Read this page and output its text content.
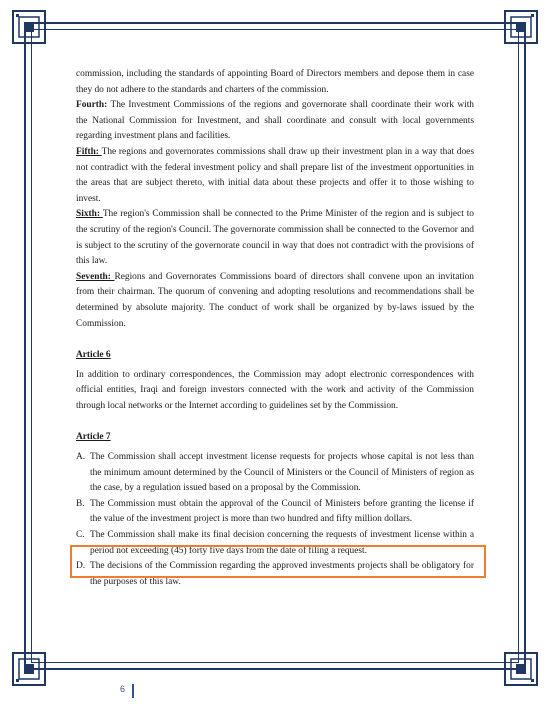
commission, including the standards of appointing Board of Directors members and depose them in case they do not adhere to the standards and charters of the commission.

Fourth: The Investment Commissions of the regions and governorate shall coordinate their work with the National Commission for Investment, and shall coordinate and consult with local governments regarding investment plans and facilities.

Fifth: The regions and governorates commissions shall draw up their investment plan in a way that does not contradict with the federal investment policy and shall prepare list of the investment opportunities in the areas that are subject thereto, with initial data about these projects and offer it to those wishing to invest.

Sixth: The region's Commission shall be connected to the Prime Minister of the region and is subject to the scrutiny of the region's Council. The governorate commission shall be connected to the Governor and is subject to the scrutiny of the governorate council in way that does not contradict with the provisions of this law.

Seventh: Regions and Governorates Commissions board of directors shall convene upon an invitation from their chairman. The quorum of convening and adopting resolutions and recommendations shall be determined by absolute majority. The conduct of work shall be organized by by-laws issued by the Commission.

Article 6

In addition to ordinary correspondences, the Commission may adopt electronic correspondences with official entities, Iraqi and foreign investors connected with the work and activity of the Commission through local networks or the Internet according to guidelines set by the Commission.

Article 7

A. The Commission shall accept investment license requests for projects whose capital is not less than the minimum amount determined by the Council of Ministers or the Council of Ministers of region as the case, by a regulation issued based on a proposal by the Commission.
B. The Commission must obtain the approval of the Council of Ministers before granting the license if the value of the investment project is more than two hundred and fifty million dollars.
C. The Commission shall make its final decision concerning the requests of investment license within a period not exceeding (45) forty five days from the date of filing a request.
D. The decisions of the Commission regarding the approved investments projects shall be obligatory for the purposes of this law.
6
